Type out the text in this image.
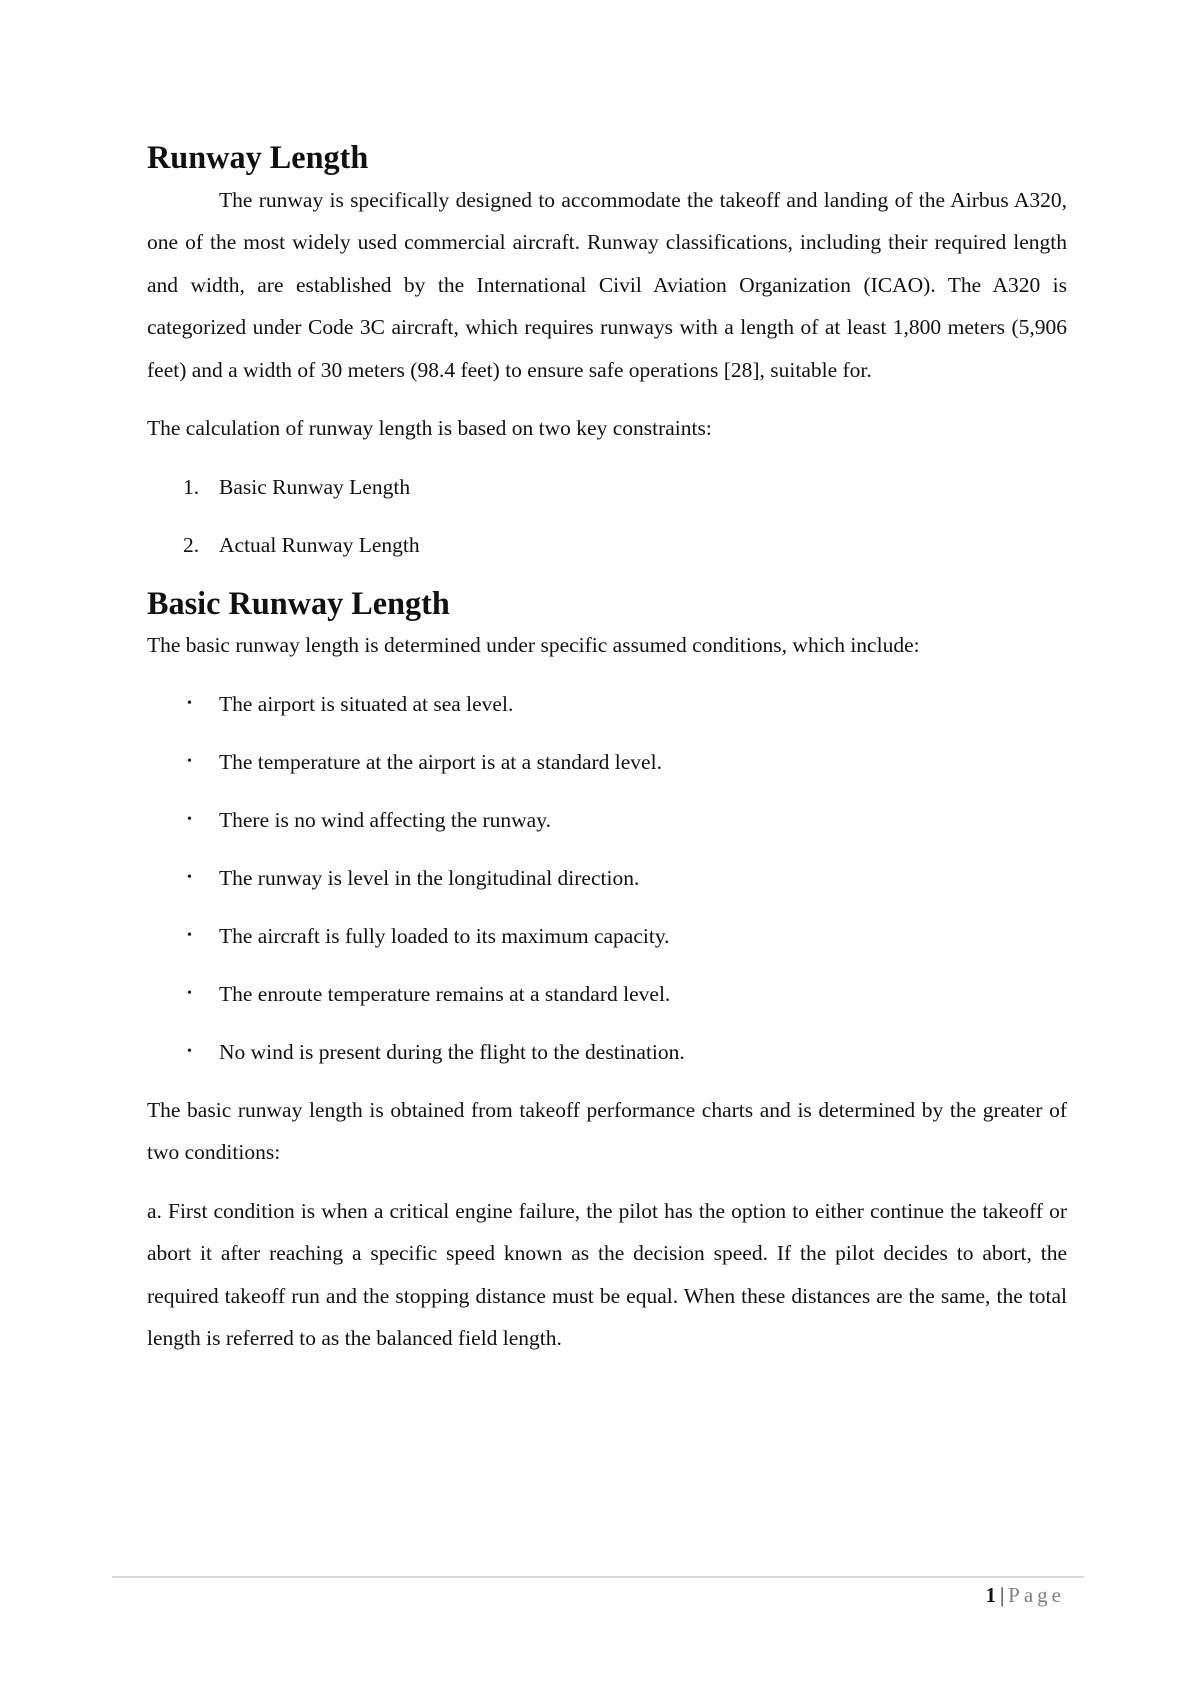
Runway Length

The runway is specifically designed to accommodate the takeoff and landing of the Airbus A320, one of the most widely used commercial aircraft. Runway classifications, including their required length and width, are established by the International Civil Aviation Organization (ICAO). The A320 is categorized under Code 3C aircraft, which requires runways with a length of at least 1,800 meters (5,906 feet) and a width of 30 meters (98.4 feet) to ensure safe operations [28], suitable for.

The calculation of runway length is based on two key constraints:

1. Basic Runway Length
2. Actual Runway Length
Basic Runway Length

The basic runway length is determined under specific assumed conditions, which include:

• The airport is situated at sea level.
• The temperature at the airport is at a standard level.
• There is no wind affecting the runway.
• The runway is level in the longitudinal direction.
• The aircraft is fully loaded to its maximum capacity.
• The enroute temperature remains at a standard level.
• No wind is present during the flight to the destination.

The basic runway length is obtained from takeoff performance charts and is determined by the greater of two conditions:

a. First condition is when a critical engine failure, the pilot has the option to either continue the takeoff or abort it after reaching a specific speed known as the decision speed. If the pilot decides to abort, the required takeoff run and the stopping distance must be equal. When these distances are the same, the total length is referred to as the balanced field length.

1 | Page
